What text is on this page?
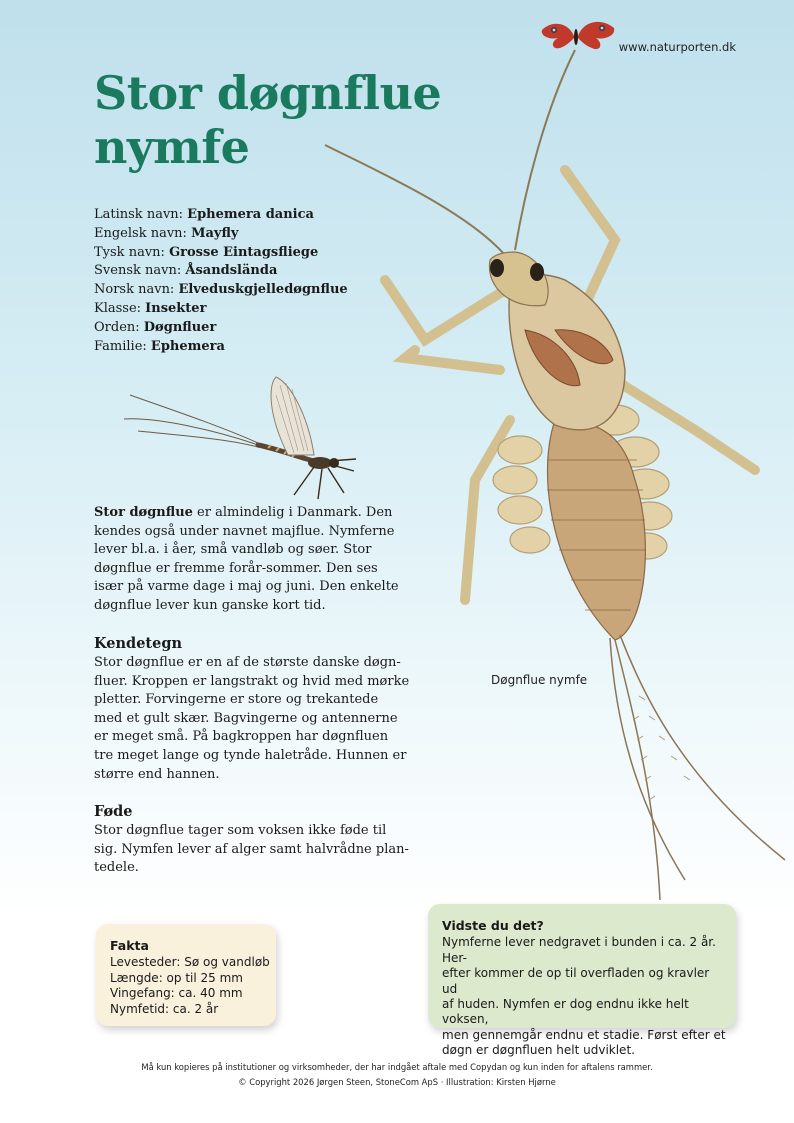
www.naturporten.dk
Stor døgnflue
nymfe
Latinsk navn: Ephemera danica
Engelsk navn: Mayfly
Tysk navn: Grosse Eintagsfliege
Svensk navn: Åsandslända
Norsk navn: Elveduskgjelledøgnflue
Klasse: Insekter
Orden: Døgnfluer
Familie: Ephemera

Stor døgnflue er almindelig i Danmark. Den

kendes også under navnet majflue. Nymferne

lever bl.a. i åer, små vandløb og søer. Stor

døgnflue er fremme forår-sommer. Den ses

især på varme dage i maj og juni. Den enkelte

døgnflue lever kun ganske kort tid.

Kendetegn

Stor døgnflue er en af de største danske døgn-

fluer. Kroppen er langstrakt og hvid med mørke

pletter. Forvingerne er store og trekantede

med et gult skær. Bagvingerne og antennerne

er meget små. På bagkroppen har døgnfluen

tre meget lange og tynde haletråde. Hunnen er

større end hannen.

Føde

Stor døgnflue tager som voksen ikke føde til

sig. Nymfen lever af alger samt halvrådne plan-

tedele.

Døgnflue nymfe
Fakta
Levesteder: Sø og vandløb
Længde: op til 25 mm
Vingefang: ca. 40 mm
Nymfetid: ca. 2 år
Vidste du det?
Nymferne lever nedgravet i bunden i ca. 2 år. Her-
efter kommer de op til overfladen og kravler ud
af huden. Nymfen er dog endnu ikke helt voksen,
men gennemgår endnu et stadie. Først efter et
døgn er døgnfluen helt udviklet.
Må kun kopieres på institutioner og virksomheder, der har indgået aftale med Copydan og kun inden for aftalens rammer.
© Copyright 2026 Jørgen Steen, StoneCom ApS · Illustration: Kirsten Hjørne
